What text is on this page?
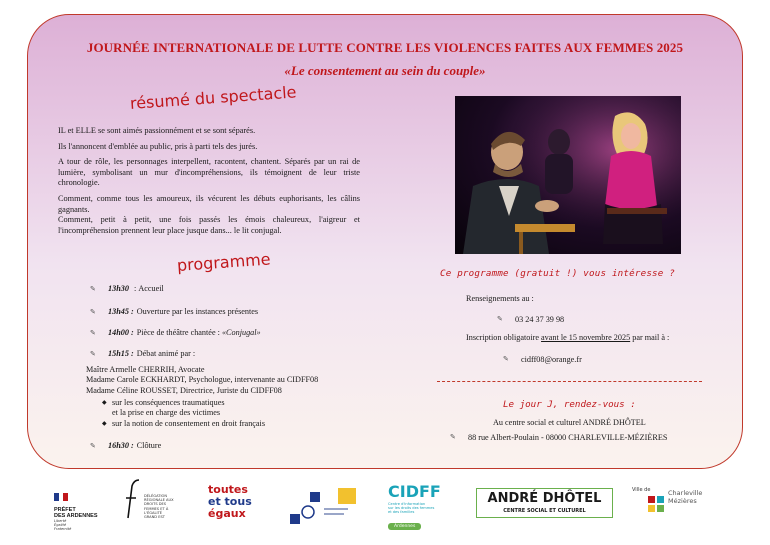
JOURNÉE INTERNATIONALE DE LUTTE CONTRE LES VIOLENCES FAITES AUX FEMMES 2025
«Le consentement au sein du couple»
résumé du spectacle

IL et ELLE se sont aimés passionnément et se sont séparés.

Ils l'annoncent d'emblée au public, pris à parti tels des jurés.

A tour de rôle, les personnages interpellent, racontent, chantent. Séparés par un rai de lumière, symbolisant un mur d'incompréhensions, ils témoignent de leur triste chronologie.

Comment, comme tous les amoureux, ils vécurent les débuts euphorisants, les câlins gagnants.

Comment, petit à petit, une fois passés les émois chaleureux, l'aigreur et l'incompréhension prennent leur place jusque dans... le lit conjugal.

programme
✎	13h30 : Accueil
✎	13h45 : Ouverture par les instances présentes
✎	14h00 : Pièce de théâtre chantée : «Conjugal»
✎	15h15 : Débat animé par :
Maître Armelle CHERRIH, Avocate
Madame Carole ECKHARDT, Psychologue, intervenante au CIDFF08
Madame Céline ROUSSET, Directrice, Juriste du CIDFF08
◆ sur les conséquences traumatiques
et la prise en charge des victimes
◆ sur la notion de consentement en droit français
✎	16h30 : Clôture
Ce programme (gratuit !) vous intéresse ?
Renseignements au :
✎	03 24 37 39 98
Inscription obligatoire avant le 15 novembre 2025 par mail à :
✎	cidff08@orange.fr
Le jour J, rendez-vous :
Au centre social et culturel ANDRÉ DHÔTEL
✎	88 rue Albert-Poulain - 08000 CHARLEVILLE-MÉZIÈRES
PRÉFET
DES ARDENNES
Liberté
Égalité
Fraternité
DÉLÉGATION
RÉGIONALE AUX
DROITS DES
FEMMES ET À
L'ÉGALITÉ
GRAND EST
toutes
et tous
égaux
CIDFF
Centre d'information
sur les droits des femmes
et des familles
Ardennes
ANDRÉ DHÔTEL
CENTRE SOCIAL ET CULTUREL
Ville de	Charleville
Mézières
